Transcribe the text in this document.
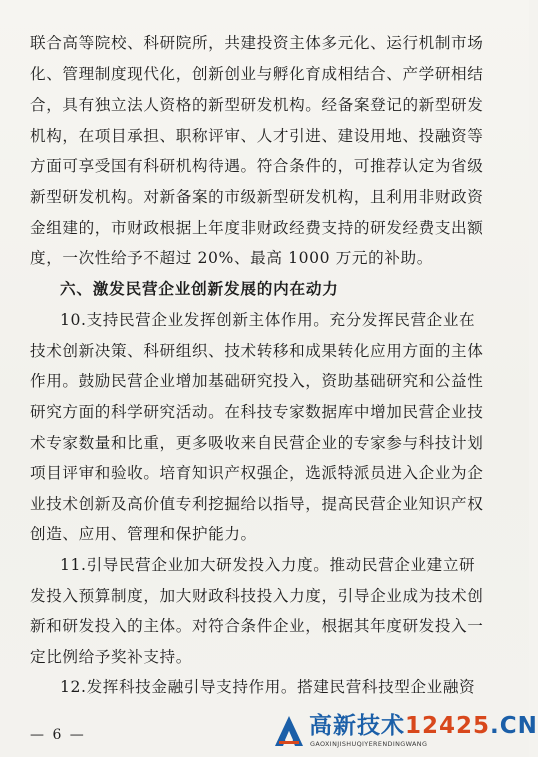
联合高等院校、科研院所，共建投资主体多元化、运行机制市场
化、管理制度现代化，创新创业与孵化育成相结合、产学研相结
合，具有独立法人资格的新型研发机构。经备案登记的新型研发
机构，在项目承担、职称评审、人才引进、建设用地、投融资等
方面可享受国有科研机构待遇。符合条件的，可推荐认定为省级
新型研发机构。对新备案的市级新型研发机构，且利用非财政资
金组建的，市财政根据上年度非财政经费支持的研发经费支出额
度，一次性给予不超过 20%、最高 1000 万元的补助。
六、激发民营企业创新发展的内在动力
10.支持民营企业发挥创新主体作用。充分发挥民营企业在
技术创新决策、科研组织、技术转移和成果转化应用方面的主体
作用。鼓励民营企业增加基础研究投入，资助基础研究和公益性
研究方面的科学研究活动。在科技专家数据库中增加民营企业技
术专家数量和比重，更多吸收来自民营企业的专家参与科技计划
项目评审和验收。培育知识产权强企，选派特派员进入企业为企
业技术创新及高价值专利挖掘给以指导，提高民营企业知识产权
创造、应用、管理和保护能力。
11.引导民营企业加大研发投入力度。推动民营企业建立研
发投入预算制度，加大财政科技投入力度，引导企业成为技术创
新和研发投入的主体。对符合条件企业，根据其年度研发投入一
定比例给予奖补支持。
12.发挥科技金融引导支持作用。搭建民营科技型企业融资
— 6 —	高新技术12425.CN
GAOXINJISHUQIYERENDINGWANG
